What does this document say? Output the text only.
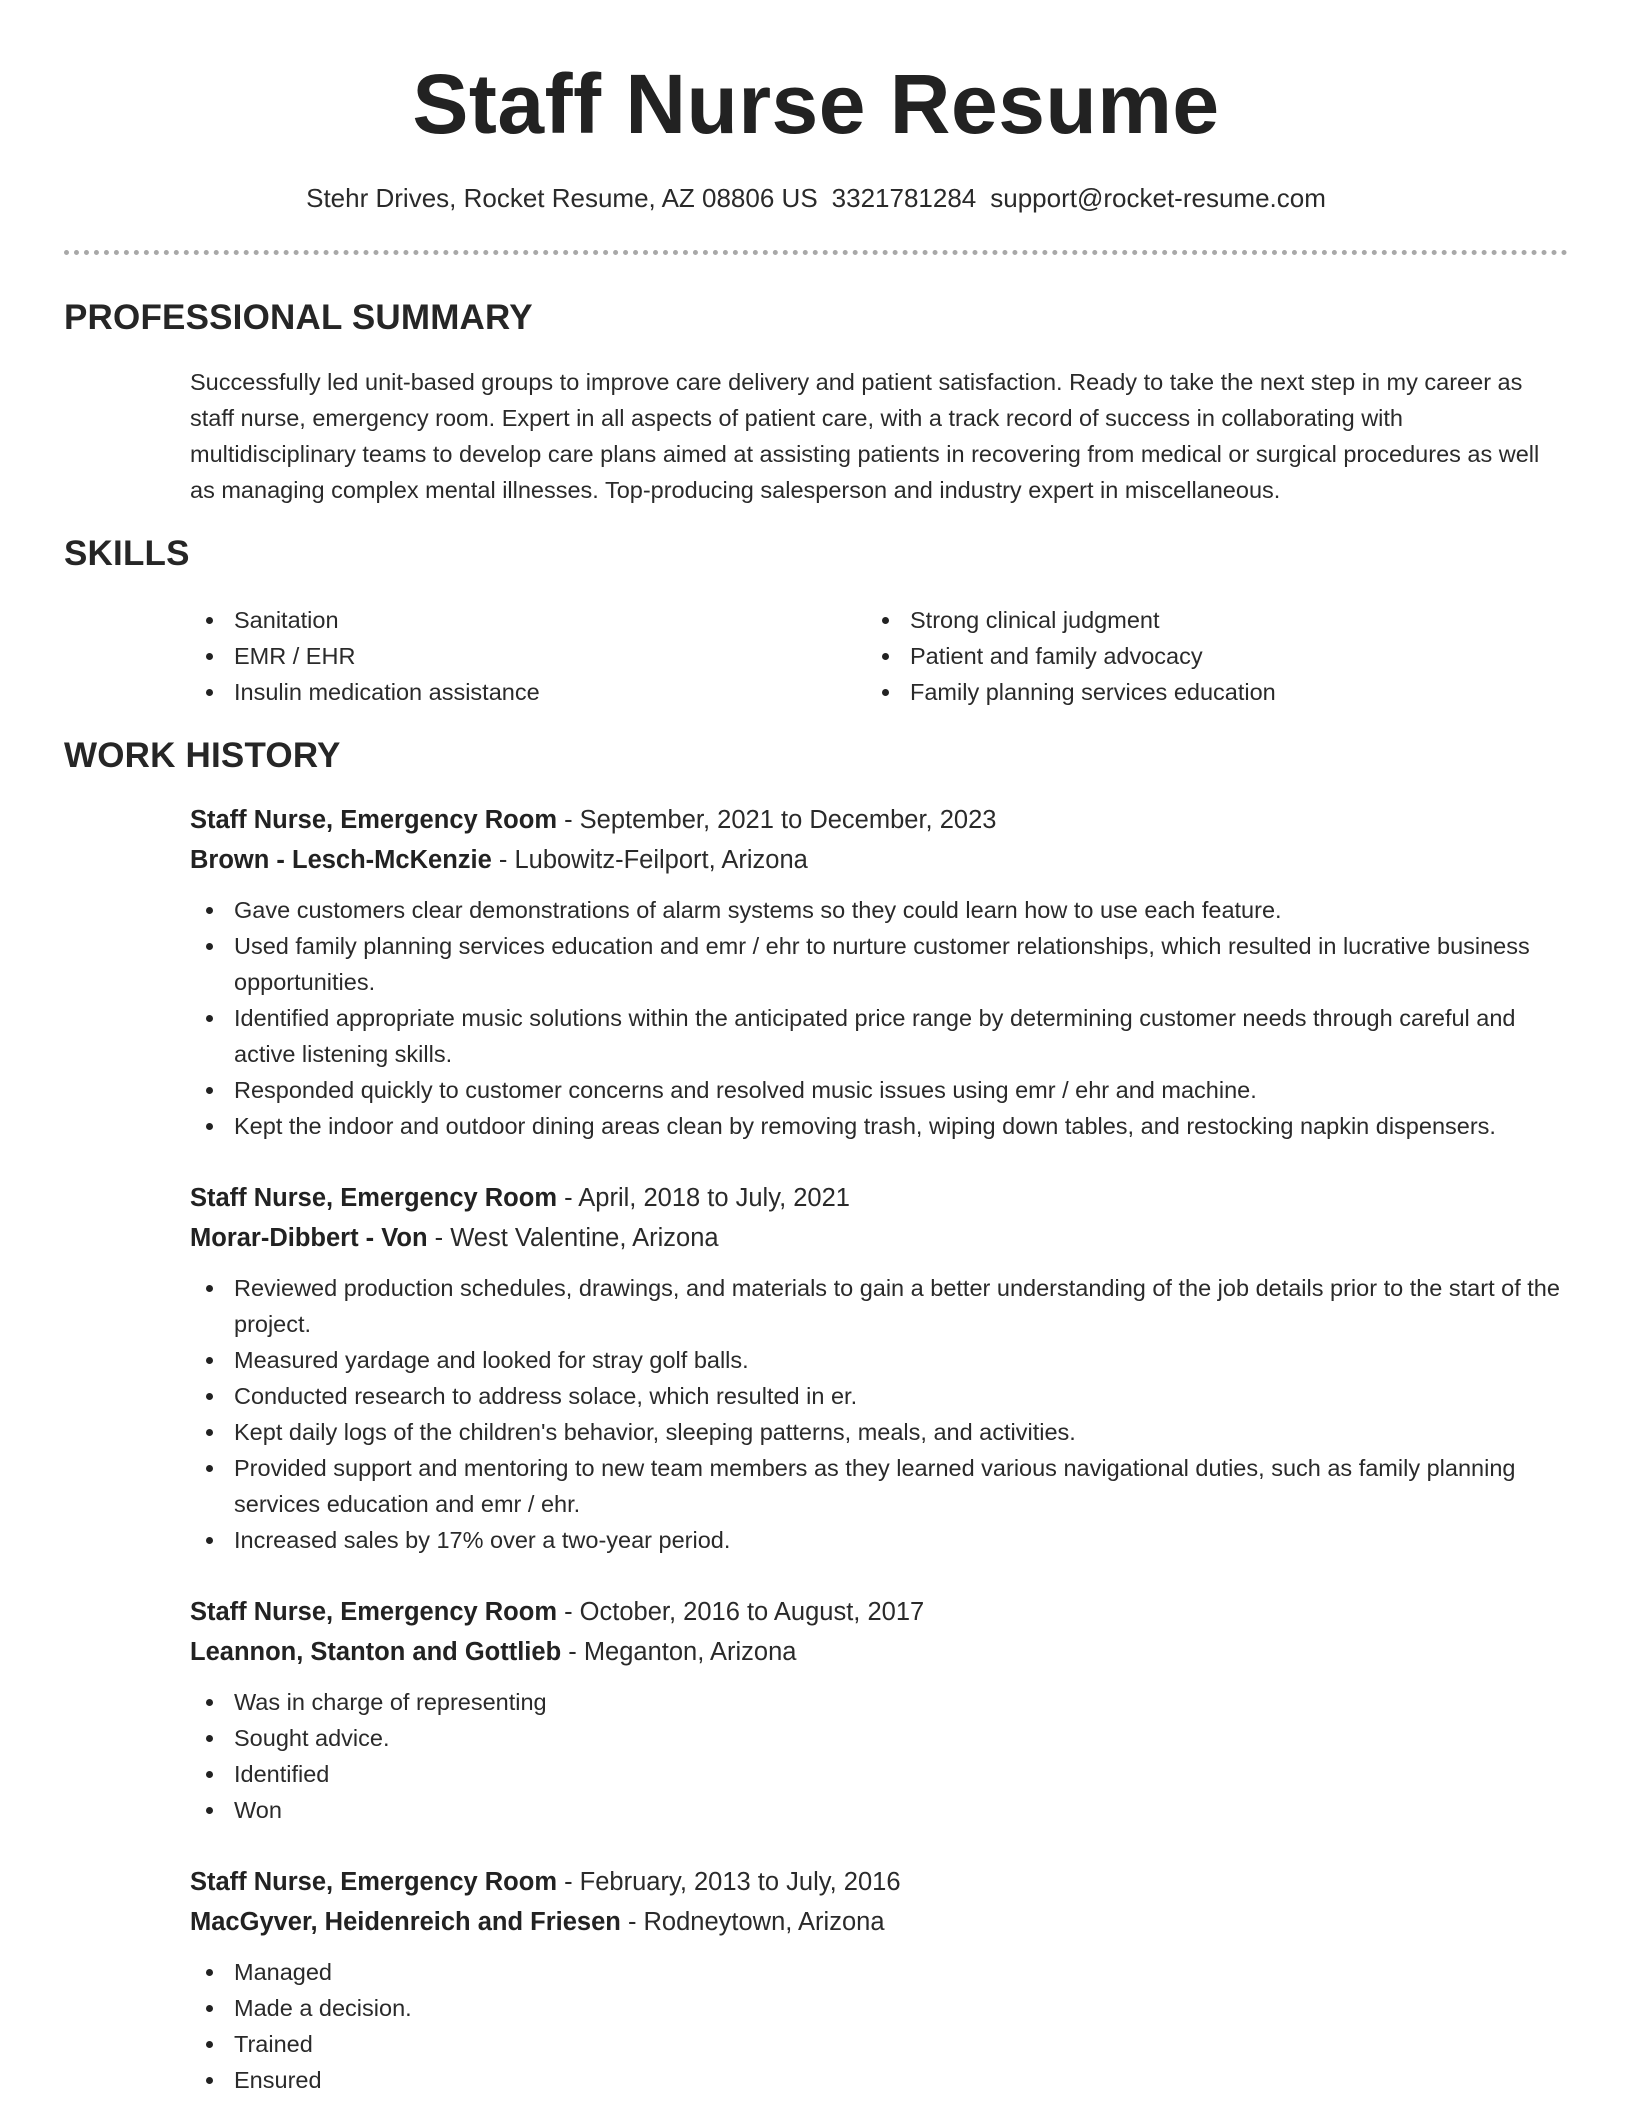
Staff Nurse Resume
Stehr Drives, Rocket Resume, AZ 08806 US 3321781284 support@rocket-resume.com
PROFESSIONAL SUMMARY
Successfully led unit-based groups to improve care delivery and patient satisfaction. Ready to take the next step in my career as staff nurse, emergency room. Expert in all aspects of patient care, with a track record of success in collaborating with multidisciplinary teams to develop care plans aimed at assisting patients in recovering from medical or surgical procedures as well as managing complex mental illnesses. Top-producing salesperson and industry expert in miscellaneous.
SKILLS
Sanitation
EMR / EHR
Insulin medication assistance
Strong clinical judgment
Patient and family advocacy
Family planning services education
WORK HISTORY
Staff Nurse, Emergency Room - September, 2021 to December, 2023
Brown - Lesch-McKenzie - Lubowitz-Feilport, Arizona
Gave customers clear demonstrations of alarm systems so they could learn how to use each feature.
Used family planning services education and emr / ehr to nurture customer relationships, which resulted in lucrative business opportunities.
Identified appropriate music solutions within the anticipated price range by determining customer needs through careful and active listening skills.
Responded quickly to customer concerns and resolved music issues using emr / ehr and machine.
Kept the indoor and outdoor dining areas clean by removing trash, wiping down tables, and restocking napkin dispensers.
Staff Nurse, Emergency Room - April, 2018 to July, 2021
Morar-Dibbert - Von - West Valentine, Arizona
Reviewed production schedules, drawings, and materials to gain a better understanding of the job details prior to the start of the project.
Measured yardage and looked for stray golf balls.
Conducted research to address solace, which resulted in er.
Kept daily logs of the children's behavior, sleeping patterns, meals, and activities.
Provided support and mentoring to new team members as they learned various navigational duties, such as family planning services education and emr / ehr.
Increased sales by 17% over a two-year period.
Staff Nurse, Emergency Room - October, 2016 to August, 2017
Leannon, Stanton and Gottlieb - Meganton, Arizona
Was in charge of representing
Sought advice.
Identified
Won
Staff Nurse, Emergency Room - February, 2013 to July, 2016
MacGyver, Heidenreich and Friesen - Rodneytown, Arizona
Managed
Made a decision.
Trained
Ensured
